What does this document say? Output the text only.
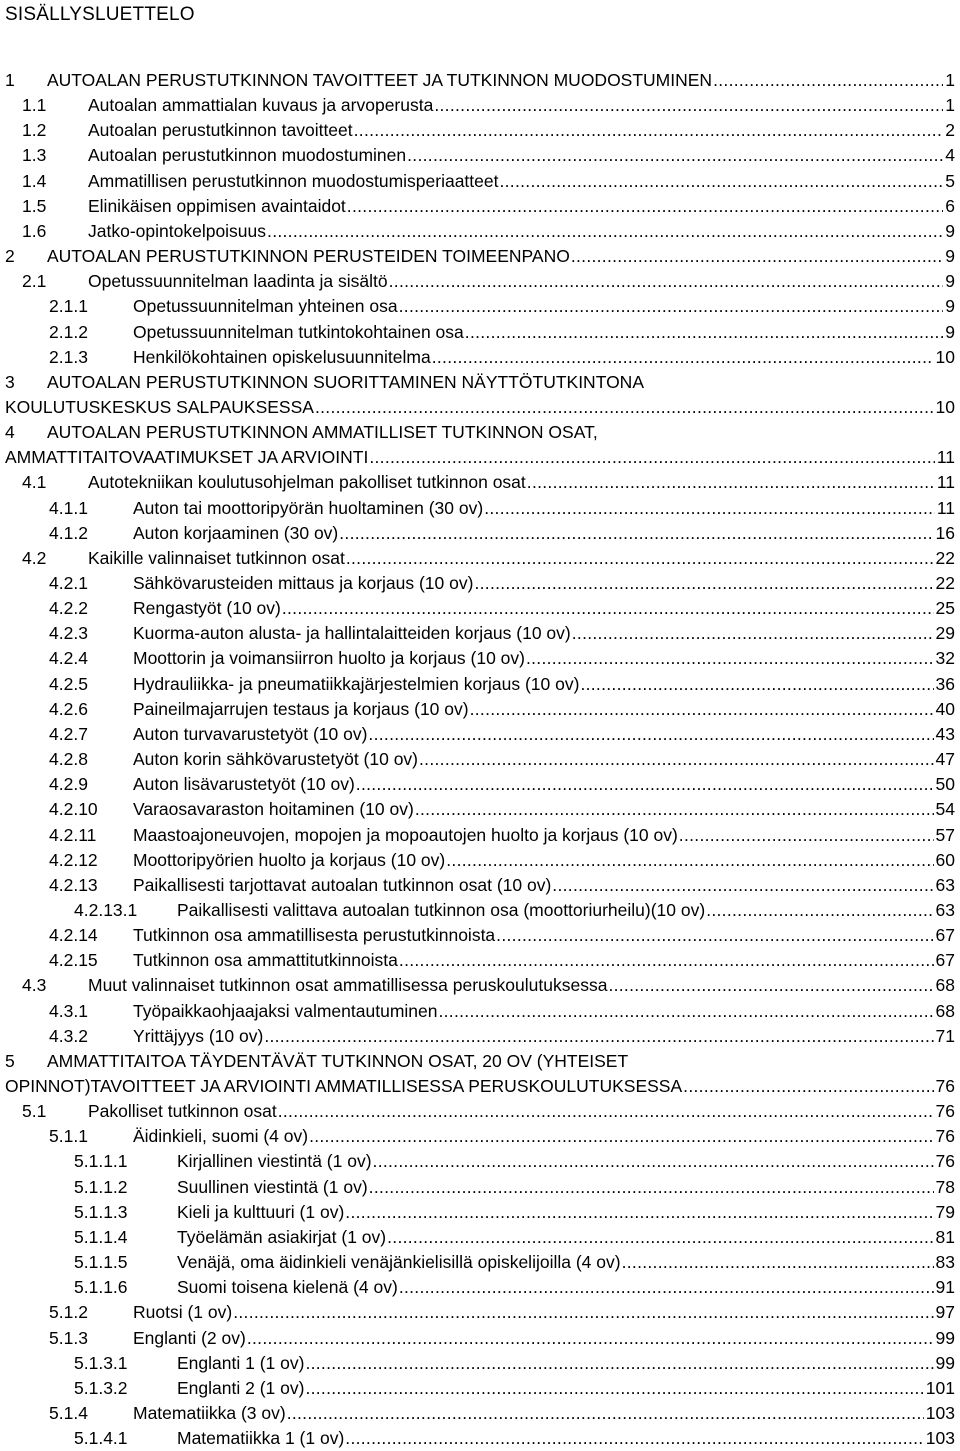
SISÄLLYSLUETTELO
1 AUTOALAN PERUSTUTKINNON TAVOITTEET JA TUTKINNON MUODOSTUMINEN .....	1
1.1 Autoalan ammattialan kuvaus ja arvoperusta .....	1
1.2 Autoalan perustutkinnon tavoitteet .....	2
1.3 Autoalan perustutkinnon muodostuminen .....	4
1.4 Ammatillisen perustutkinnon muodostumisperiaatteet .....	5
1.5 Elinikäisen oppimisen avaintaidot .....	6
1.6 Jatko-opintokelpoisuus .....	9
2 AUTOALAN PERUSTUTKINNON PERUSTEIDEN TOIMEENPANO .....	9
2.1 Opetussuunnitelman laadinta ja sisältö .....	9
2.1.1	Opetussuunnitelman yhteinen osa .....	9
2.1.2	Opetussuunnitelman tutkintokohtainen osa .....	9
2.1.3	Henkilökohtainen opiskelusuunnitelma .....	10
3 AUTOALAN PERUSTUTKINNON SUORITTAMINEN NÄYTTÖTUTKINTONA
KOULUTUSKESKUS SALPAUKSESSA .....	10
4 AUTOALAN PERUSTUTKINNON AMMATILLISET TUTKINNON OSAT,
AMMATTITAITOVAATIMUKSET JA ARVIOINTI .....	11
4.1 Autotekniikan koulutusohjelman pakolliset tutkinnon osat .....	11
4.1.1	Auton tai moottoripyörän huoltaminen (30 ov) .....	11
4.1.2	Auton korjaaminen (30 ov) .....	16
4.2 Kaikille valinnaiset tutkinnon osat .....	22
4.2.1	Sähkövarusteiden mittaus ja korjaus (10 ov) .....	22
4.2.2	Rengastyöt (10 ov) .....	25
4.2.3	Kuorma-auton alusta- ja hallintalaitteiden korjaus (10 ov) .....	29
4.2.4	Moottorin ja voimansiirron huolto ja korjaus (10 ov) .....	32
4.2.5	Hydrauliikka- ja pneumatiikkajärjestelmien korjaus (10 ov) .....	36
4.2.6	Paineilmajarrujen testaus ja korjaus (10 ov) .....	40
4.2.7	Auton turvavarustetyöt (10 ov) .....	43
4.2.8	Auton korin sähkövarustetyöt (10 ov) .....	47
4.2.9	Auton lisävarustetyöt (10 ov) .....	50
4.2.10 Varaosavaraston hoitaminen (10 ov) .....	54
4.2.11 Maastoajoneuvojen, mopojen ja mopoautojen huolto ja korjaus (10 ov) .....	57
4.2.12 Moottoripyörien huolto ja korjaus (10 ov) .....	60
4.2.13 Paikallisesti tarjottavat autoalan tutkinnon osat (10 ov) .....	63
4.2.13.1 Paikallisesti valittava autoalan tutkinnon osa (moottoriurheilu)(10 ov) .....	63
4.2.14 Tutkinnon osa ammatillisesta perustutkinnoista .....	67
4.2.15 Tutkinnon osa ammattitutkinnoista .....	67
4.3 Muut valinnaiset tutkinnon osat ammatillisessa peruskoulutuksessa .....	68
4.3.1	Työpaikkaohjaajaksi valmentautuminen .....	68
4.3.2	Yrittäjyys (10 ov) .....	71
5 AMMATTITAITOA TÄYDENTÄVÄT TUTKINNON OSAT, 20 OV (YHTEISET
OPINNOT)TAVOITTEET JA ARVIOINTI AMMATILLISESSA PERUSKOULUTUKSESSA .....	76
5.1 Pakolliset tutkinnon osat .....	76
5.1.1	Äidinkieli, suomi (4 ov) .....	76
5.1.1.1	Kirjallinen viestintä (1 ov) .....	76
5.1.1.2	Suullinen viestintä (1 ov) .....	78
5.1.1.3	Kieli ja kulttuuri (1 ov) .....	79
5.1.1.4	Työelämän asiakirjat (1 ov) .....	81
5.1.1.5	Venäjä, oma äidinkieli venäjänkielisillä opiskelijoilla (4 ov) .....	83
5.1.1.6	Suomi toisena kielenä (4 ov) .....	91
5.1.2	Ruotsi (1 ov) .....	97
5.1.3	Englanti (2 ov) .....	99
5.1.3.1	Englanti 1 (1 ov) .....	99
5.1.3.2	Englanti 2 (1 ov) .....	101
5.1.4	Matematiikka (3 ov) .....	103
5.1.4.1	Matematiikka 1 (1 ov) .....	103
